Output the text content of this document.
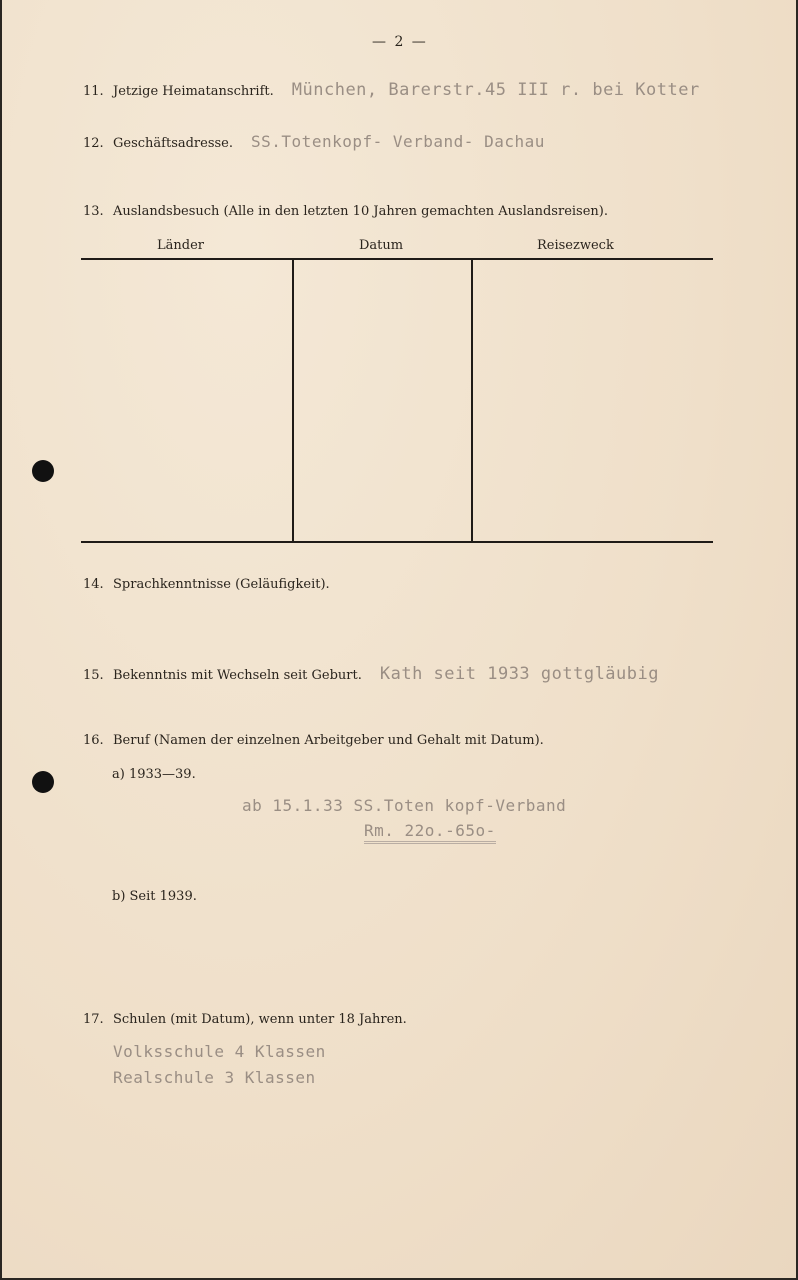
— 2 —
11. Jetzige Heimatanschrift. München, Barerstr.45 III r. bei Kotter
12. Geschäftsadresse. SS.Totenkopf- Verband- Dachau
13. Auslandsbesuch (Alle in den letzten 10 Jahren gemachten Auslandsreisen).
Länder	Datum	Reisezweck
14. Sprachkenntnisse (Geläufigkeit).
15. Bekenntnis mit Wechseln seit Geburt. Kath seit 1933 gottgläubig
16. Beruf (Namen der einzelnen Arbeitgeber und Gehalt mit Datum).
a) 1933—39.
ab 15.1.33 SS.Toten kopf-Verband
Rm. 22o.-65o-
b) Seit 1939.
17. Schulen (mit Datum), wenn unter 18 Jahren.
Volksschule 4 Klassen
Realschule 3 Klassen
